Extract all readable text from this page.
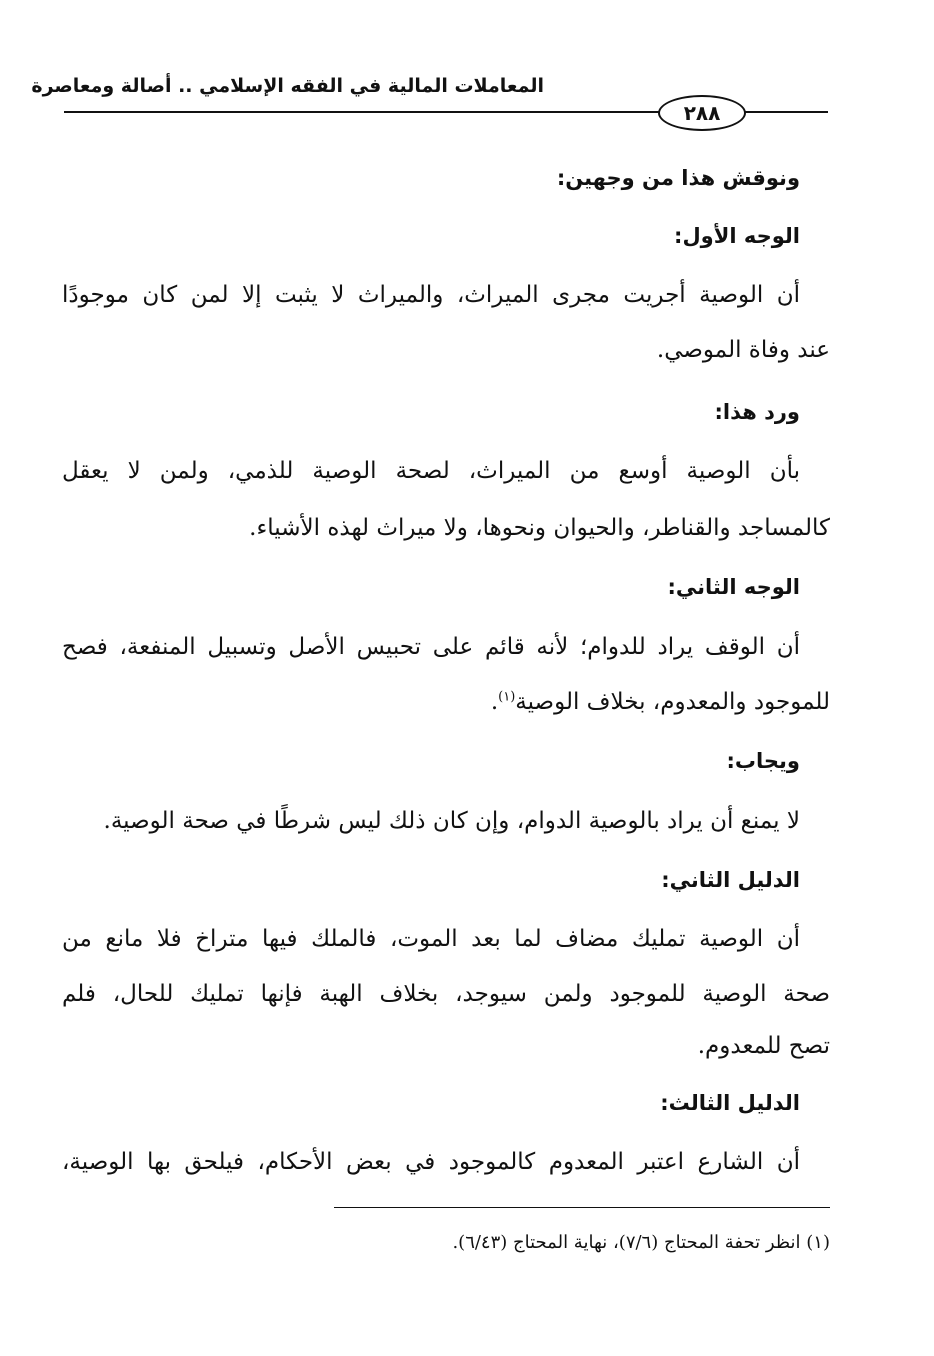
المعاملات المالية في الفقه الإسلامي .. أصالة ومعاصرة
٢٨٨
ونوقش هذا من وجهين:
الوجه الأول:
أن الوصية أجريت مجرى الميراث، والميراث لا يثبت إلا لمن كان موجودًا
عند وفاة الموصي.
ورد هذا:
بأن الوصية أوسع من الميراث، لصحة الوصية للذمي، ولمن لا يعقل
كالمساجد والقناطر، والحيوان ونحوها، ولا ميراث لهذه الأشياء.
الوجه الثاني:
أن الوقف يراد للدوام؛ لأنه قائم على تحبيس الأصل وتسبيل المنفعة، فصح
للموجود والمعدوم، بخلاف الوصية$^{(١)}$.
ويجاب:
لا يمنع أن يراد بالوصية الدوام، وإن كان ذلك ليس شرطًا في صحة الوصية.
الدليل الثاني:
أن الوصية تمليك مضاف لما بعد الموت، فالملك فيها متراخ فلا مانع من
صحة الوصية للموجود ولمن سيوجد، بخلاف الهبة فإنها تمليك للحال، فلم
تصح للمعدوم.
الدليل الثالث:
أن الشارع اعتبر المعدوم كالموجود في بعض الأحكام، فيلحق بها الوصية،
(١) انظر تحفة المحتاج (٧/٦)، نهاية المحتاج (٦/٤٣).
